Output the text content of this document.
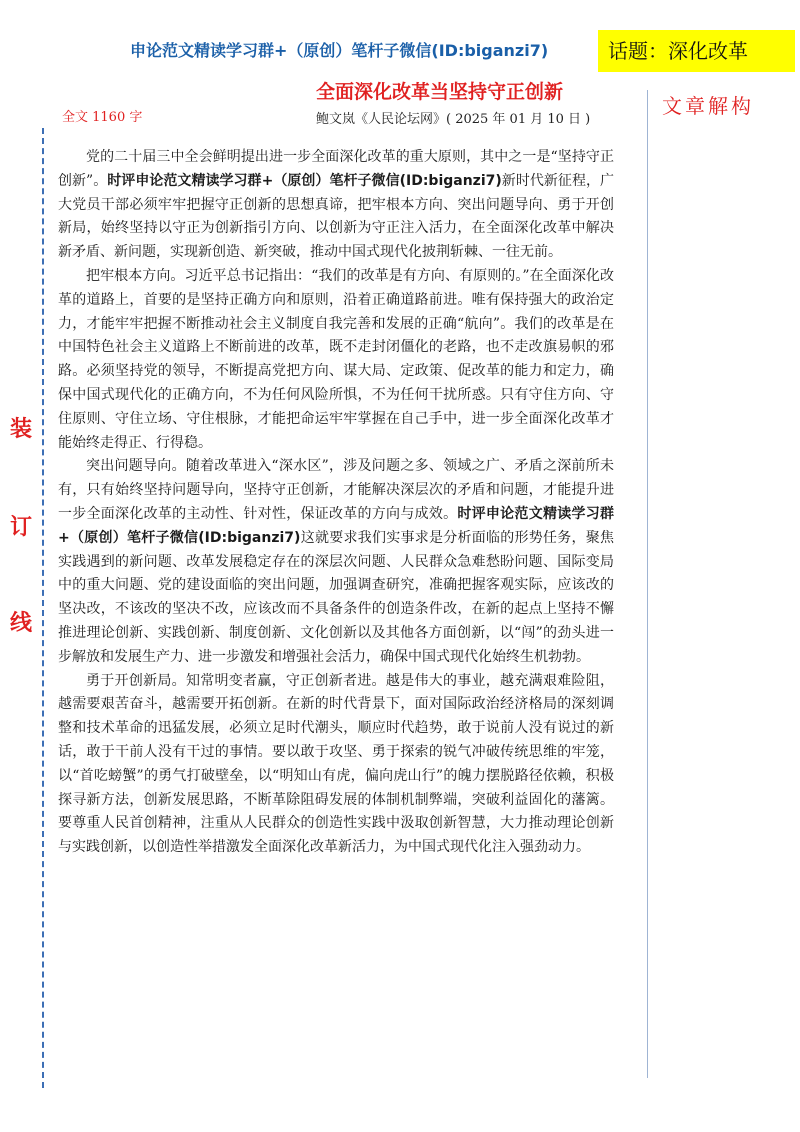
申论范文精读学习群+（原创）笔杆子微信(ID:biganzi7)	话题：深化改革
全面深化改革当坚持守正创新
鲍文岚《人民论坛网》( 2025 年 01 月 10 日 )
全文 1160 字	文章解构
装
订
线

党的二十届三中全会鲜明提出进一步全面深化改革的重大原则，其中之一是“坚持守正创新”。时评申论范文精读学习群+（原创）笔杆子微信(ID:biganzi7)新时代新征程，广大党员干部必须牢牢把握守正创新的思想真谛，把牢根本方向、突出问题导向、勇于开创新局，始终坚持以守正为创新指引方向、以创新为守正注入活力，在全面深化改革中解决新矛盾、新问题，实现新创造、新突破，推动中国式现代化披荆斩棘、一往无前。

把牢根本方向。习近平总书记指出：“我们的改革是有方向、有原则的。”在全面深化改革的道路上，首要的是坚持正确方向和原则，沿着正确道路前进。唯有保持强大的政治定力，才能牢牢把握不断推动社会主义制度自我完善和发展的正确“航向”。我们的改革是在中国特色社会主义道路上不断前进的改革，既不走封闭僵化的老路，也不走改旗易帜的邪路。必须坚持党的领导，不断提高党把方向、谋大局、定政策、促改革的能力和定力，确保中国式现代化的正确方向，不为任何风险所惧，不为任何干扰所惑。只有守住方向、守住原则、守住立场、守住根脉，才能把命运牢牢掌握在自己手中，进一步全面深化改革才能始终走得正、行得稳。

突出问题导向。随着改革进入“深水区”，涉及问题之多、领域之广、矛盾之深前所未有，只有始终坚持问题导向，坚持守正创新，才能解决深层次的矛盾和问题，才能提升进一步全面深化改革的主动性、针对性，保证改革的方向与成效。时评申论范文精读学习群+（原创）笔杆子微信(ID:biganzi7)这就要求我们实事求是分析面临的形势任务，聚焦实践遇到的新问题、改革发展稳定存在的深层次问题、人民群众急难愁盼问题、国际变局中的重大问题、党的建设面临的突出问题，加强调查研究，准确把握客观实际，应该改的坚决改，不该改的坚决不改，应该改而不具备条件的创造条件改，在新的起点上坚持不懈推进理论创新、实践创新、制度创新、文化创新以及其他各方面创新，以“闯”的劲头进一步解放和发展生产力、进一步激发和增强社会活力，确保中国式现代化始终生机勃勃。

勇于开创新局。知常明变者赢，守正创新者进。越是伟大的事业，越充满艰难险阻，越需要艰苦奋斗，越需要开拓创新。在新的时代背景下，面对国际政治经济格局的深刻调整和技术革命的迅猛发展，必须立足时代潮头，顺应时代趋势，敢于说前人没有说过的新话，敢于干前人没有干过的事情。要以敢于攻坚、勇于探索的锐气冲破传统思维的牢笼，以“首吃螃蟹”的勇气打破壁垒，以“明知山有虎，偏向虎山行”的魄力摆脱路径依赖，积极探寻新方法，创新发展思路，不断革除阻碍发展的体制机制弊端，突破利益固化的藩篱。要尊重人民首创精神，注重从人民群众的创造性实践中汲取创新智慧，大力推动理论创新与实践创新，以创造性举措激发全面深化改革新活力，为中国式现代化注入强劲动力。
